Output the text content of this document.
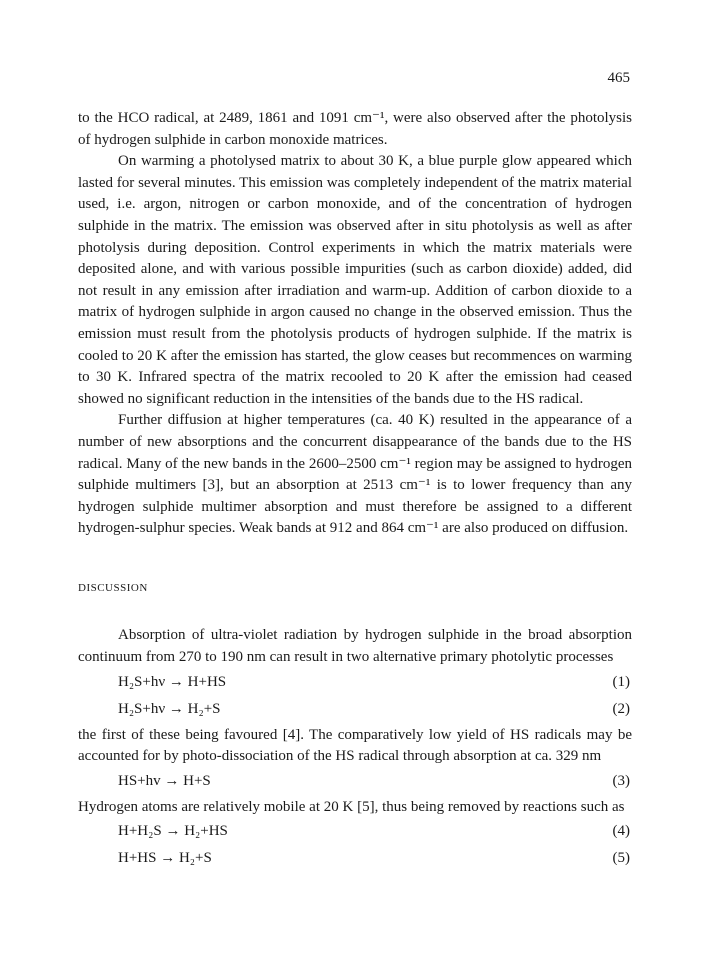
465

to the HCO radical, at 2489, 1861 and 1091 cm⁻¹, were also observed after the photolysis of hydrogen sulphide in carbon monoxide matrices.

On warming a photolysed matrix to about 30 K, a blue purple glow appeared which lasted for several minutes. This emission was completely independent of the matrix material used, i.e. argon, nitrogen or carbon monoxide, and of the concentration of hydrogen sulphide in the matrix. The emission was observed after in situ photolysis as well as after photolysis during deposition. Control experiments in which the matrix materials were deposited alone, and with various possible impurities (such as carbon dioxide) added, did not result in any emission after irradiation and warm-up. Addition of carbon dioxide to a matrix of hydrogen sulphide in argon caused no change in the observed emission. Thus the emission must result from the photolysis products of hydrogen sulphide. If the matrix is cooled to 20 K after the emission has started, the glow ceases but recommences on warming to 30 K. Infrared spectra of the matrix recooled to 20 K after the emission had ceased showed no significant reduction in the intensities of the bands due to the HS radical.

Further diffusion at higher temperatures (ca. 40 K) resulted in the appearance of a number of new absorptions and the concurrent disappearance of the bands due to the HS radical. Many of the new bands in the 2600–2500 cm⁻¹ region may be assigned to hydrogen sulphide multimers [3], but an absorption at 2513 cm⁻¹ is to lower frequency than any hydrogen sulphide multimer absorption and must therefore be assigned to a different hydrogen-sulphur species. Weak bands at 912 and 864 cm⁻¹ are also produced on diffusion.

DISCUSSION

Absorption of ultra-violet radiation by hydrogen sulphide in the broad absorption continuum from 270 to 190 nm can result in two alternative primary photolytic processes

H₂S+hν → H+HS	(1)
H₂S+hν → H₂+S	(2)

the first of these being favoured [4]. The comparatively low yield of HS radicals may be accounted for by photo-dissociation of the HS radical through absorption at ca. 329 nm

HS+hv → H+S	(3)

Hydrogen atoms are relatively mobile at 20 K [5], thus being removed by reactions such as

H+H₂S → H₂+HS	(4)
H+HS → H₂+S	(5)
